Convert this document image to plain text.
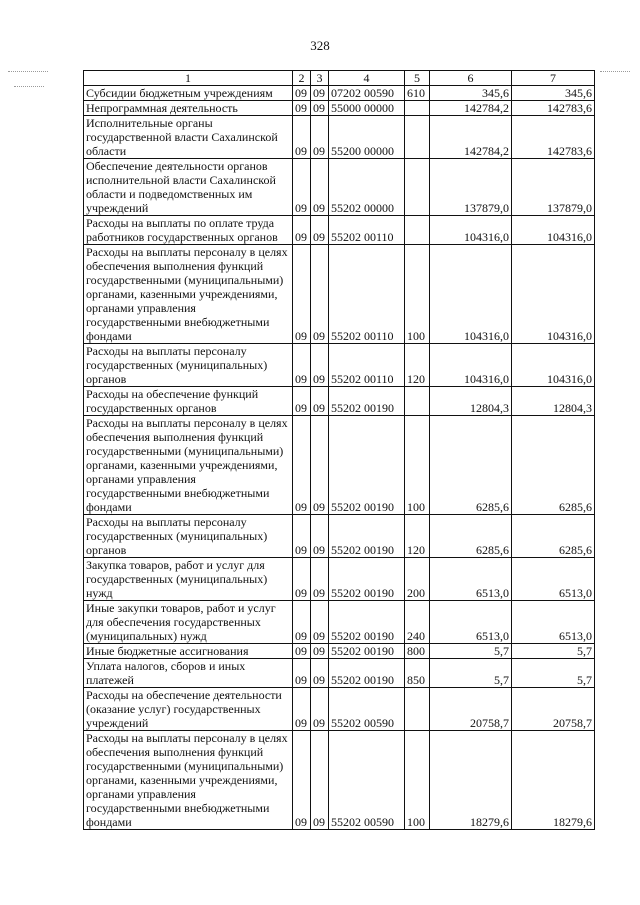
328
1	2	3	4	5	6	7
Субсидии бюджетным учреждениям	09	09	07202 00590	610	345,6	345,6
Непрограммная деятельность	09	09	55000 00000		142784,2	142783,6
Исполнительные органы государственной власти Сахалинской области	09	09	55200 00000		142784,2	142783,6
Обеспечение деятельности органов исполнительной власти Сахалинской области и подведомственных им учреждений	09	09	55202 00000		137879,0	137879,0
Расходы на выплаты по оплате труда работников государственных органов	09	09	55202 00110		104316,0	104316,0
Расходы на выплаты персоналу в целях обеспечения выполнения функций государственными (муниципальными) органами, казенными учреждениями, органами управления государственными внебюджетными фондами	09	09	55202 00110	100	104316,0	104316,0
Расходы на выплаты персоналу государственных (муниципальных) органов	09	09	55202 00110	120	104316,0	104316,0
Расходы на обеспечение функций государственных органов	09	09	55202 00190		12804,3	12804,3
Расходы на выплаты персоналу в целях обеспечения выполнения функций государственными (муниципальными) органами, казенными учреждениями, органами управления государственными внебюджетными фондами	09	09	55202 00190	100	6285,6	6285,6
Расходы на выплаты персоналу государственных (муниципальных) органов	09	09	55202 00190	120	6285,6	6285,6
Закупка товаров, работ и услуг для государственных (муниципальных) нужд	09	09	55202 00190	200	6513,0	6513,0
Иные закупки товаров, работ и услуг для обеспечения государственных (муниципальных) нужд	09	09	55202 00190	240	6513,0	6513,0
Иные бюджетные ассигнования	09	09	55202 00190	800	5,7	5,7
Уплата налогов, сборов и иных платежей	09	09	55202 00190	850	5,7	5,7
Расходы на обеспечение деятельности (оказание услуг) государственных учреждений	09	09	55202 00590		20758,7	20758,7
Расходы на выплаты персоналу в целях обеспечения выполнения функций государственными (муниципальными) органами, казенными учреждениями, органами управления государственными внебюджетными фондами	09	09	55202 00590	100	18279,6	18279,6
